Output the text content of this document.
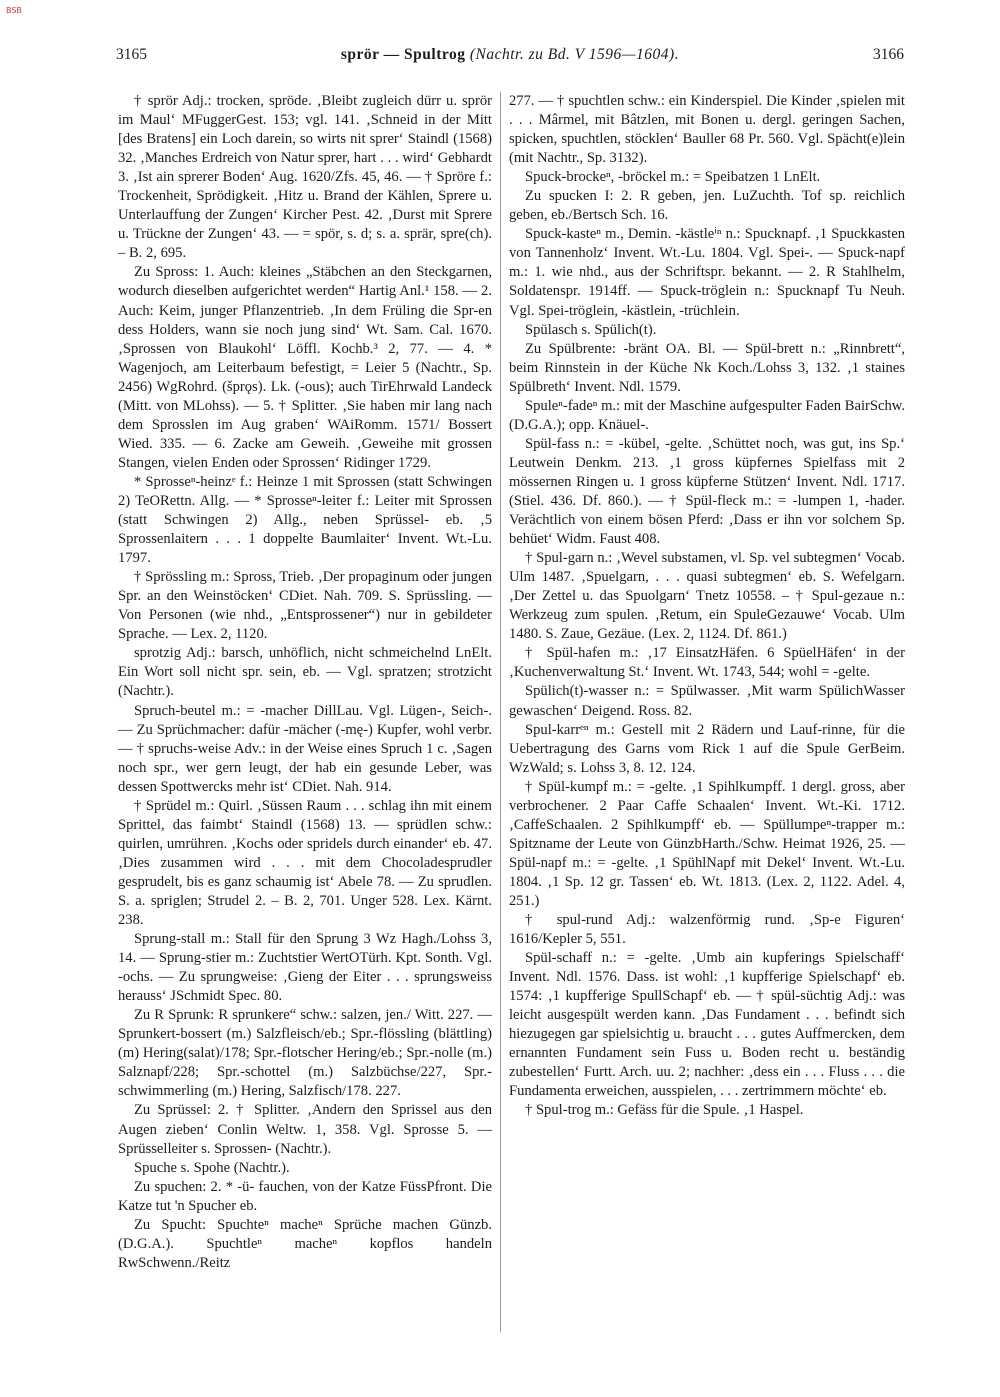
BSB
3165	sprör — Spultrog (Nachtr. zu Bd. V 1596—1604).	3166

† sprör Adj.: trocken, spröde. ‚Bleibt zugleich dürr u. sprör im Maul‘ MFuggerGest. 153; vgl. 141. ‚Schneid in der Mitt [des Bratens] ein Loch darein, so wirts nit sprer‘ Staindl (1568) 32. ‚Manches Erdreich von Natur sprer, hart . . . wird‘ Gebhardt 3. ‚Ist ain sprerer Boden‘ Aug. 1620/Zfs. 45, 46. — † Spröre f.: Trockenheit, Sprödigkeit. ‚Hitz u. Brand der Kählen, Sprere u. Unterlauffung der Zungen‘ Kircher Pest. 42. ‚Durst mit Sprere u. Trückne der Zungen‘ 43. — = spör, s. d; s. a. sprär, spre(ch). – B. 2, 695.

Zu Spross: 1. Auch: kleines „Stäbchen an den Steckgarnen, wodurch dieselben aufgerichtet werden“ Hartig Anl.¹ 158. — 2. Auch: Keim, junger Pflanzentrieb. ‚In dem Früling die Spr-en dess Holders, wann sie noch jung sind‘ Wt. Sam. Cal. 1670. ‚Sprossen von Blaukohl‘ Löffl. Kochb.³ 2, 77. — 4. * Wagenjoch, am Leiterbaum befestigt, = Leier 5 (Nachtr., Sp. 2456) WgRohrd. (šprǫs). Lk. (-ous); auch TirEhrwald Landeck (Mitt. von MLohss). — 5. † Splitter. ‚Sie haben mir lang nach dem Sprosslen im Aug graben‘ WAiRomm. 1571/ Bossert Wied. 335. — 6. Zacke am Geweih. ‚Geweihe mit grossen Stangen, vielen Enden oder Sprossen‘ Ridinger 1729.

* Sprosseⁿ-heinzᵉ f.: Heinze 1 mit Sprossen (statt Schwingen 2) TeORettn. Allg. — * Sprosseⁿ-leiter f.: Leiter mit Sprossen (statt Schwingen 2) Allg., neben Sprüssel- eb. ‚5 Sprossenlaitern . . . 1 doppelte Baumlaiter‘ Invent. Wt.-Lu. 1797.

† Sprössling m.: Spross, Trieb. ‚Der propaginum oder jungen Spr. an den Weinstöcken‘ CDiet. Nah. 709. S. Sprüssling. — Von Personen (wie nhd., „Entsprossener“) nur in gebildeter Sprache. — Lex. 2, 1120.

sprotzig Adj.: barsch, unhöflich, nicht schmeichelnd LnElt. Ein Wort soll nicht spr. sein, eb. — Vgl. spratzen; strotzicht (Nachtr.).

Spruch-beutel m.: = -macher DillLau. Vgl. Lügen-, Seich-. — Zu Sprüchmacher: dafür -mächer (-mę-) Kupfer, wohl verbr. — † spruchs-weise Adv.: in der Weise eines Spruch 1 c. ‚Sagen noch spr., wer gern leugt, der hab ein gesunde Leber, was dessen Spottwercks mehr ist‘ CDiet. Nah. 914.

† Sprüdel m.: Quirl. ‚Süssen Raum . . . schlag ihn mit einem Sprittel, das faimbt‘ Staindl (1568) 13. — sprüdlen schw.: quirlen, umrühren. ‚Kochs oder spridels durch einander‘ eb. 47. ‚Dies zusammen wird . . . mit dem Chocoladesprudler gesprudelt, bis es ganz schaumig ist‘ Abele 78. — Zu sprudlen. S. a. spriglen; Strudel 2. – B. 2, 701. Unger 528. Lex. Kärnt. 238.

Sprung-stall m.: Stall für den Sprung 3 Wz Hagh./Lohss 3, 14. — Sprung-stier m.: Zuchtstier WertOTürh. Kpt. Sonth. Vgl. -ochs. — Zu sprungweise: ‚Gieng der Eiter . . . sprungsweiss herauss‘ JSchmidt Spec. 80.

Zu R Sprunk: R sprunkere“ schw.: salzen, jen./ Witt. 227. — Sprunkert-bossert (m.) Salzfleisch/eb.; Spr.-flössling (blättling) (m) Hering(salat)/178; Spr.-flotscher Hering/eb.; Spr.-nolle (m.) Salznapf/228; Spr.-schottel (m.) Salzbüchse/227, Spr.-schwimmerling (m.) Hering, Salzfisch/178. 227.

Zu Sprüssel: 2. † Splitter. ‚Andern den Sprissel aus den Augen zieben‘ Conlin Weltw. 1, 358. Vgl. Sprosse 5. — Sprüsselleiter s. Sprossen- (Nachtr.).

Spuche s. Spohe (Nachtr.).

Zu spuchen: 2. * -ü- fauchen, von der Katze FüssPfront. Die Katze tut 'n Spucher eb.

Zu Spucht: Spuchteⁿ macheⁿ Sprüche machen Günzb. (D.G.A.). Spuchtleⁿ macheⁿ kopflos handeln RwSchwenn./Reitz

277. — † spuchtlen schw.: ein Kinderspiel. Die Kinder ‚spielen mit . . . Mârmel, mit Bâtzlen, mit Bonen u. dergl. geringen Sachen, spicken, spuchtlen, stöcklen‘ Bauller 68 Pr. 560. Vgl. Spächt(e)lein (mit Nachtr., Sp. 3132).

Spuck-brockeⁿ, -bröckel m.: = Speibatzen 1 LnElt.

Zu spucken I: 2. R geben, jen. LuZuchth. Tof sp. reichlich geben, eb./Bertsch Sch. 16.

Spuck-kasteⁿ m., Demin. -kästleⁱⁿ n.: Spucknapf. ‚1 Spuckkasten von Tannenholz‘ Invent. Wt.-Lu. 1804. Vgl. Spei-. — Spuck-napf m.: 1. wie nhd., aus der Schriftspr. bekannt. — 2. R Stahlhelm, Soldatenspr. 1914ff. — Spuck-tröglein n.: Spucknapf Tu Neuh. Vgl. Spei-tröglein, -kästlein, -trüchlein.

Spülasch s. Spülich(t).

Zu Spülbrente: -bränt OA. Bl. — Spül-brett n.: „Rinnbrett“, beim Rinnstein in der Küche Nk Koch./Lohss 3, 132. ‚1 staines Spülbreth‘ Invent. Ndl. 1579.

Spuleⁿ-fadeⁿ m.: mit der Maschine aufgespulter Faden BairSchw. (D.G.A.); opp. Knäuel-.

Spül-fass n.: = -kübel, -gelte. ‚Schüttet noch, was gut, ins Sp.‘ Leutwein Denkm. 213. ‚1 gross küpfernes Spielfass mit 2 mössernen Ringen u. 1 gross küpferne Stützen‘ Invent. Ndl. 1717. (Stiel. 436. Df. 860.). — † Spül-fleck m.: = -lumpen 1, -hader. Verächtlich von einem bösen Pferd: ‚Dass er ihn vor solchem Sp. behüet‘ Widm. Faust 408.

† Spul-garn n.: ‚Wevel substamen, vl. Sp. vel subtegmen‘ Vocab. Ulm 1487. ‚Spuelgarn, . . . quasi subtegmen‘ eb. S. Wefelgarn. ‚Der Zettel u. das Spuolgarn‘ Tnetz 10558. – † Spul-gezaue n.: Werkzeug zum spulen. ‚Retum, ein SpuleGezauwe‘ Vocab. Ulm 1480. S. Zaue, Gezäue. (Lex. 2, 1124. Df. 861.)

† Spül-hafen m.: ‚17 EinsatzHäfen. 6 SpüelHäfen‘ in der ‚Kuchenverwaltung St.‘ Invent. Wt. 1743, 544; wohl = -gelte.

Spülich(t)-wasser n.: = Spülwasser. ‚Mit warm SpülichWasser gewaschen‘ Deigend. Ross. 82.

Spul-karrᵉⁿ m.: Gestell mit 2 Rädern und Lauf-rinne, für die Uebertragung des Garns vom Rick 1 auf die Spule GerBeim. WzWald; s. Lohss 3, 8. 12. 124.

† Spül-kumpf m.: = -gelte. ‚1 Spihlkumpff. 1 dergl. gross, aber verbrochener. 2 Paar Caffe Schaalen‘ Invent. Wt.-Ki. 1712. ‚CaffeSchaalen. 2 Spihlkumpff‘ eb. — Spüllumpeⁿ-trapper m.: Spitzname der Leute von GünzbHarth./Schw. Heimat 1926, 25. — Spül-napf m.: = -gelte. ‚1 SpühlNapf mit Dekel‘ Invent. Wt.-Lu. 1804. ‚1 Sp. 12 gr. Tassen‘ eb. Wt. 1813. (Lex. 2, 1122. Adel. 4, 251.)

† spul-rund Adj.: walzenförmig rund. ‚Sp-e Figuren‘ 1616/Kepler 5, 551.

Spül-schaff n.: = -gelte. ‚Umb ain kupferings Spielschaff‘ Invent. Ndl. 1576. Dass. ist wohl: ‚1 kupfferige Spielschapf‘ eb. 1574: ‚1 kupfferige SpullSchapf‘ eb. — † spül-süchtig Adj.: was leicht ausgespült werden kann. ‚Das Fundament . . . befindt sich hiezugegen gar spielsichtig u. braucht . . . gutes Auffmercken, dem ernannten Fundament sein Fuss u. Boden recht u. beständig zubestellen‘ Furtt. Arch. uu. 2; nachher: ‚dess ein . . . Fluss . . . die Fundamenta erweichen, ausspielen, . . . zertrimmern möchte‘ eb.

† Spul-trog m.: Gefäss für die Spule. ‚1 Haspel.
